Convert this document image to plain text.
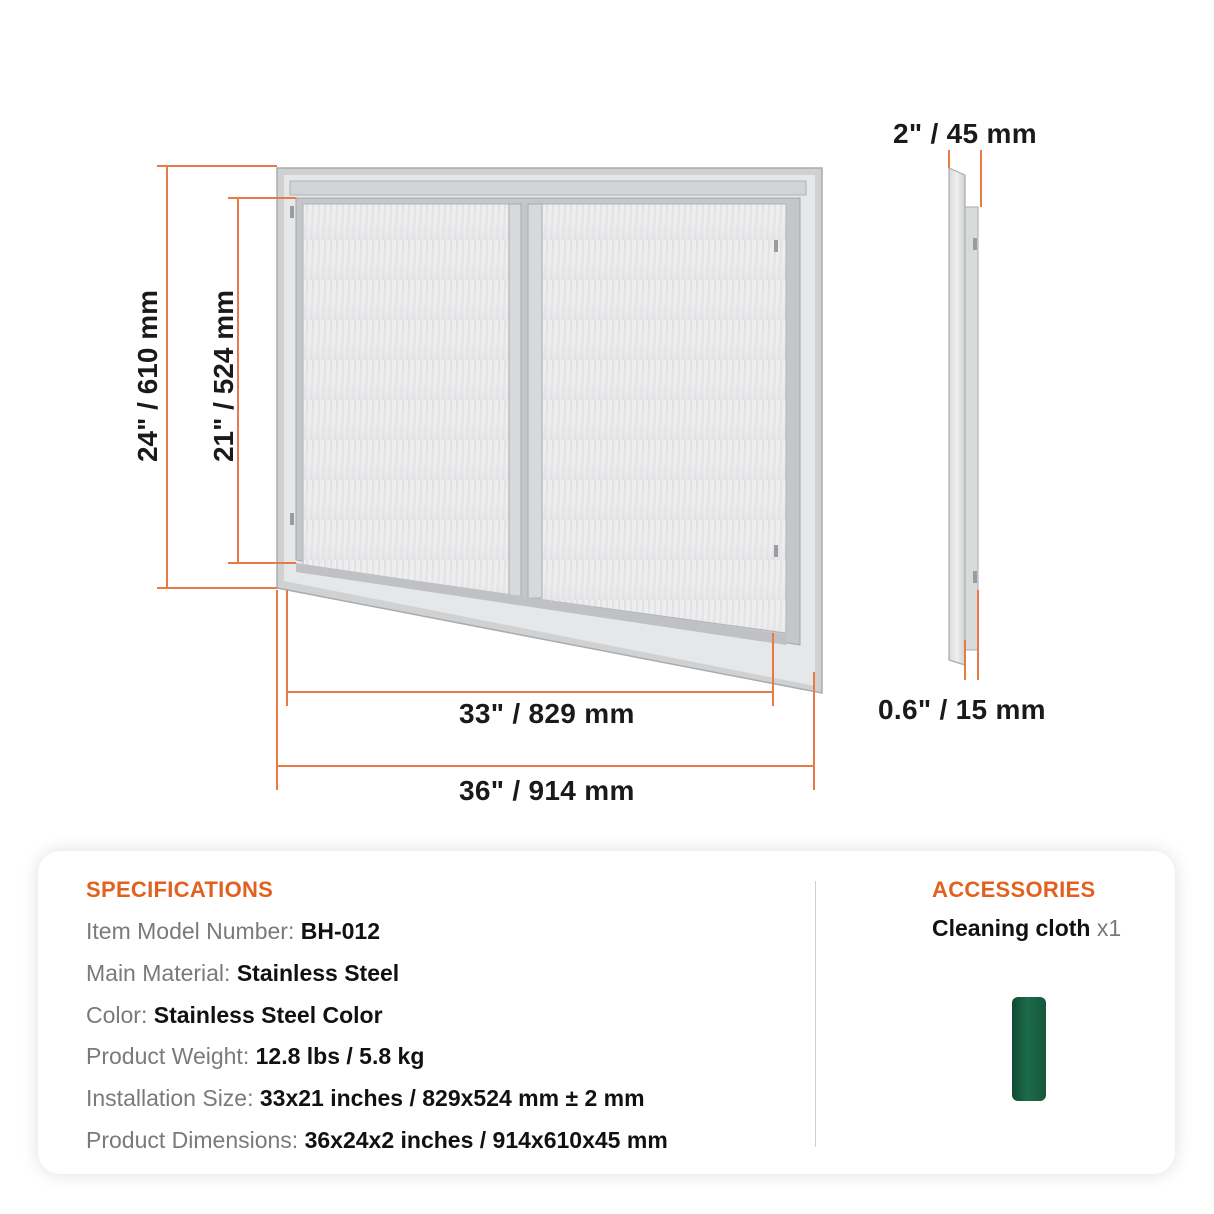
24" / 610 mm 21" / 524 mm
33" / 829 mm
36" / 914 mm
2" / 45 mm
0.6" / 15 mm
SPECIFICATIONS
Item Model Number: BH-012
Main Material: Stainless Steel
Color: Stainless Steel Color
Product Weight: 12.8 lbs / 5.8 kg
Installation Size: 33x21 inches / 829x524 mm ± 2 mm
Product Dimensions: 36x24x2 inches / 914x610x45 mm
ACCESSORIES
Cleaning cloth x1
